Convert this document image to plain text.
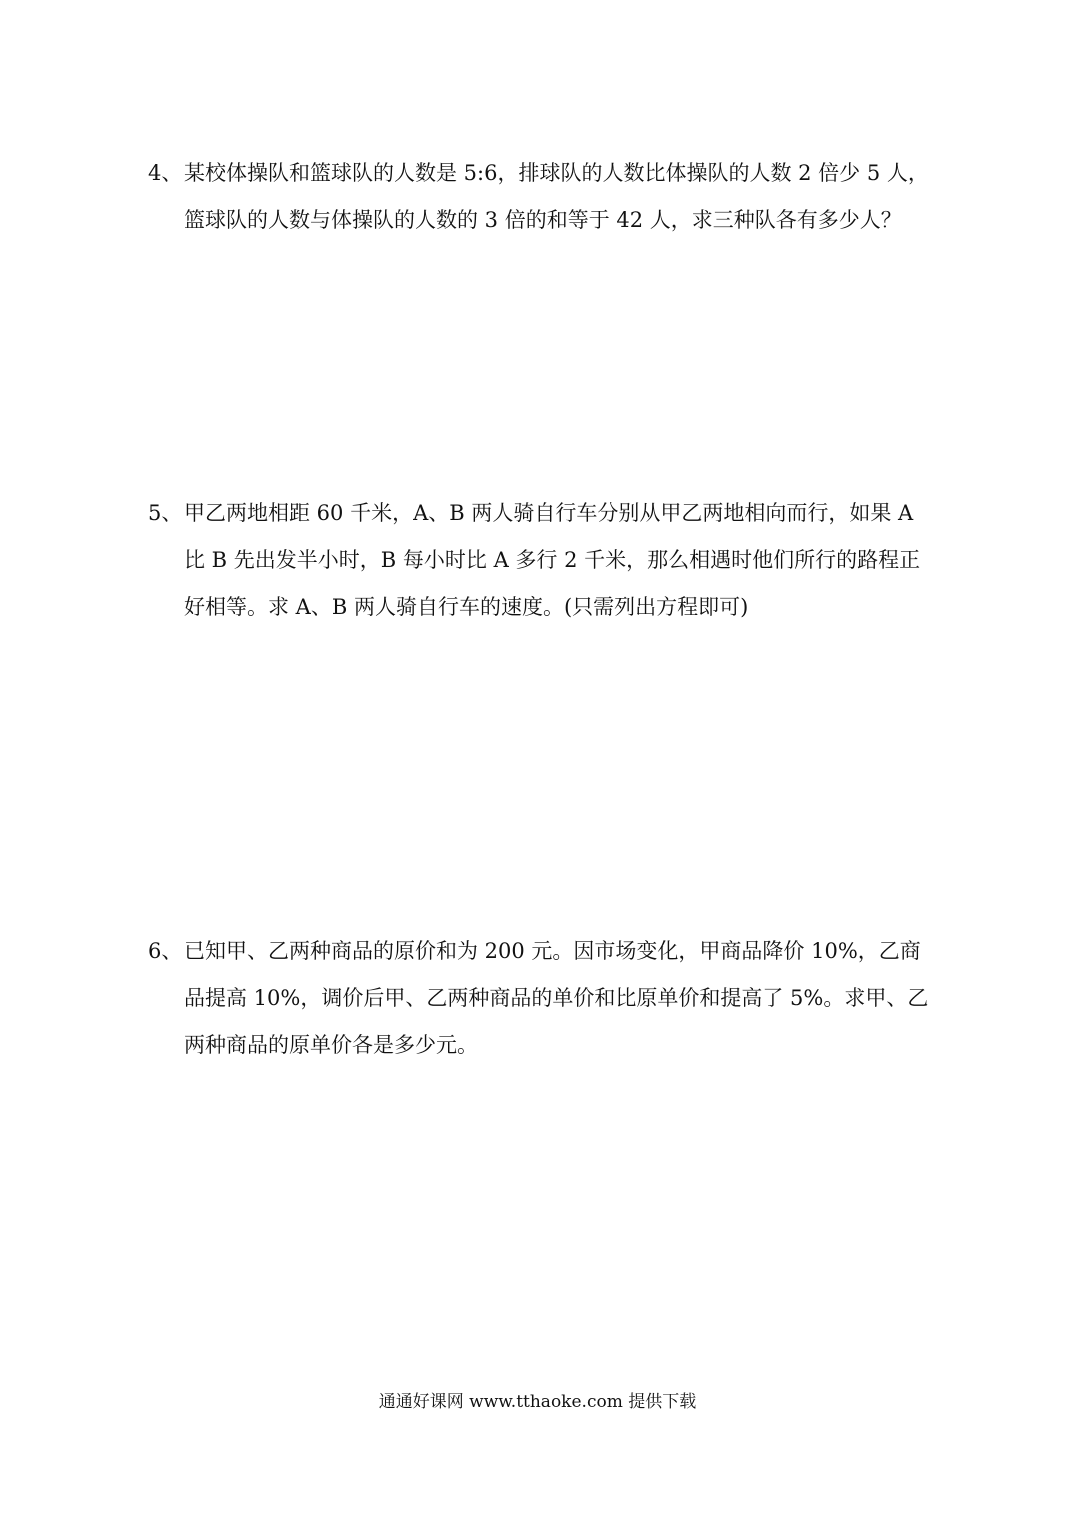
4、某校体操队和篮球队的人数是 5:6，排球队的人数比体操队的人数 2 倍少 5 人，
篮球队的人数与体操队的人数的 3 倍的和等于 42 人，求三种队各有多少人？
5、甲乙两地相距 60 千米，A、B 两人骑自行车分别从甲乙两地相向而行，如果 A
比 B 先出发半小时，B 每小时比 A 多行 2 千米，那么相遇时他们所行的路程正
好相等。求 A、B 两人骑自行车的速度。(只需列出方程即可)
6、已知甲、乙两种商品的原价和为 200 元。因市场变化，甲商品降价 10%，乙商
品提高 10%，调价后甲、乙两种商品的单价和比原单价和提高了 5%。求甲、乙
两种商品的原单价各是多少元。
通通好课网 www.tthaoke.com 提供下载
